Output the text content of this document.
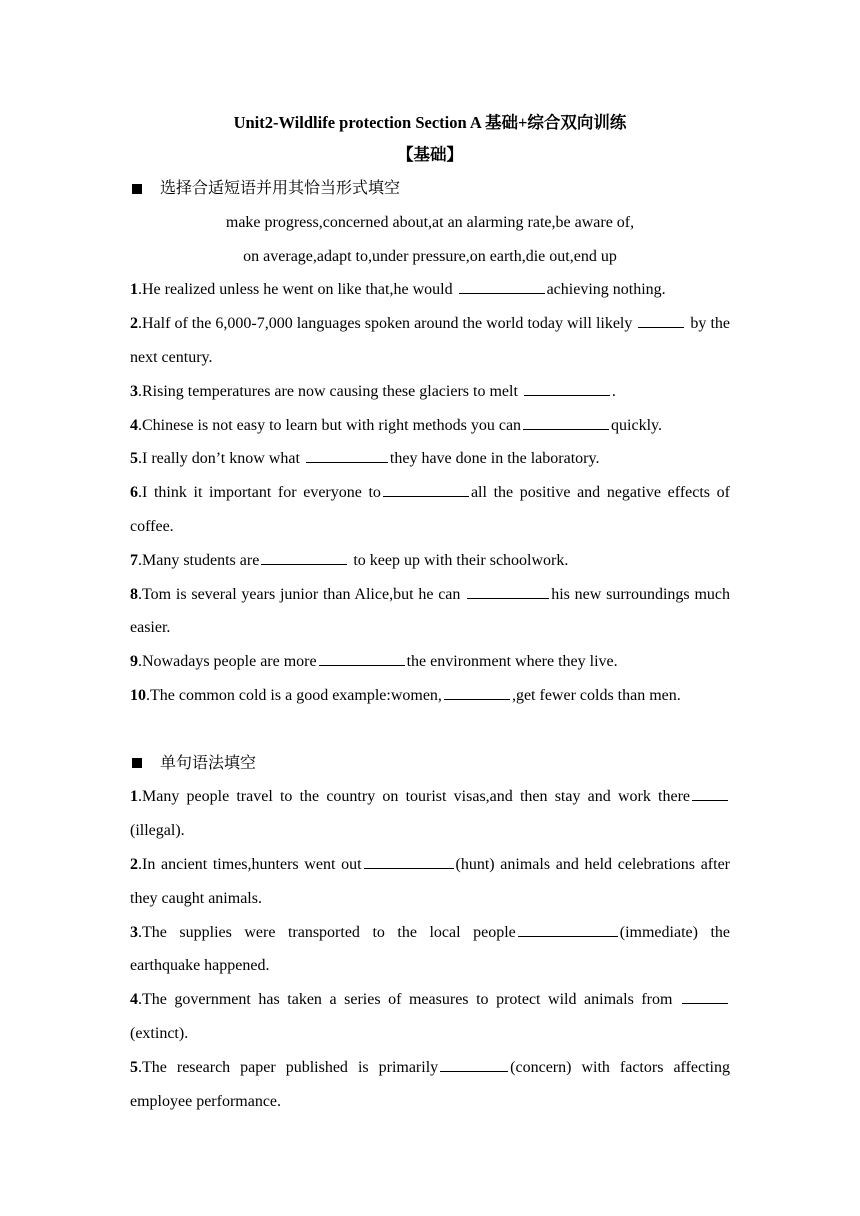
Unit2-Wildlife protection Section A 基础+综合双向训练

【基础】

选择合适短语并用其恰当形式填空

make progress,concerned about,at an alarming rate,be aware of,

on average,adapt to,under pressure,on earth,die out,end up

1.He realized unless he went on like that,he would	achieving nothing.

2.Half of the 6,000-7,000 languages spoken around the world today will likely	by the next century.

3.Rising temperatures are now causing these glaciers to melt	.

4.Chinese is not easy to learn but with right methods you can	quickly.

5.I really don’t know what	they have done in the laboratory.

6.I think it important for everyone to	all the positive and negative effects of coffee.

7.Many students are	to keep up with their schoolwork.

8.Tom is several years junior than Alice,but he can	his new surroundings much easier.

9.Nowadays people are more	the environment where they live.

10.The common cold is a good example:women,	,get fewer colds than men.

单句语法填空

1.Many people travel to the country on tourist visas,and then stay and work there (illegal).

2.In ancient times,hunters went out	(hunt) animals and held celebrations after they caught animals.

3.The supplies were transported to the local people	(immediate) the earthquake happened.

4.The government has taken a series of measures to protect wild animals from  (extinct).

5.The research paper published is primarily	(concern) with factors affecting employee performance.
